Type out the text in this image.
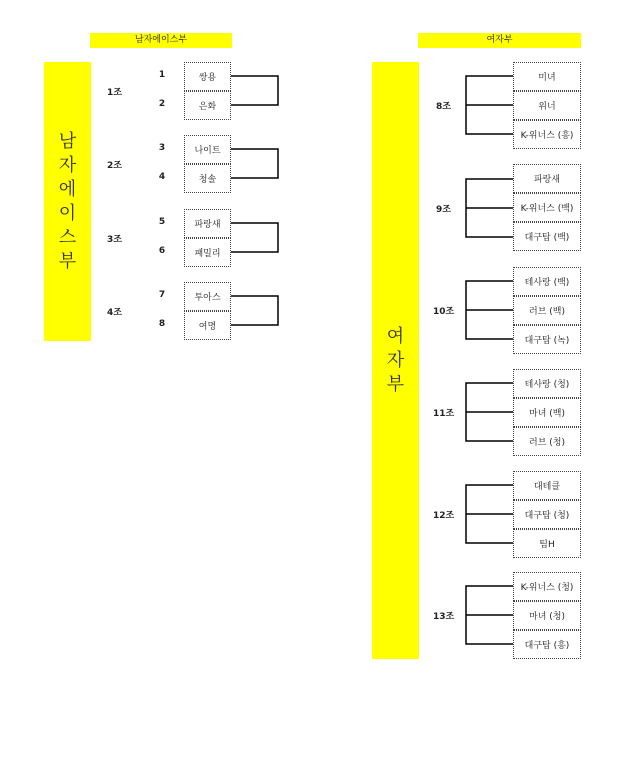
남자에이스부	여자부
남
자
에
이
스
부
여
자
부
1조
1
2
쌍용
은화
2조
3
4
나이트
청솔
3조
5
6
파랑새
패밀리
4조
7
8
투아스
여명
8조
미녀
위너
K-위너스 (흥)
9조
파랑새
K-위너스 (백)
대구탑 (백)
10조
테사랑 (백)
러브 (백)
대구탑 (녹)
11조
테사랑 (청)
마녀 (백)
러브 (청)
12조
대테클
대구탑 (청)
팀H
13조
K-위너스 (청)
마녀 (청)
대구탑 (흥)
